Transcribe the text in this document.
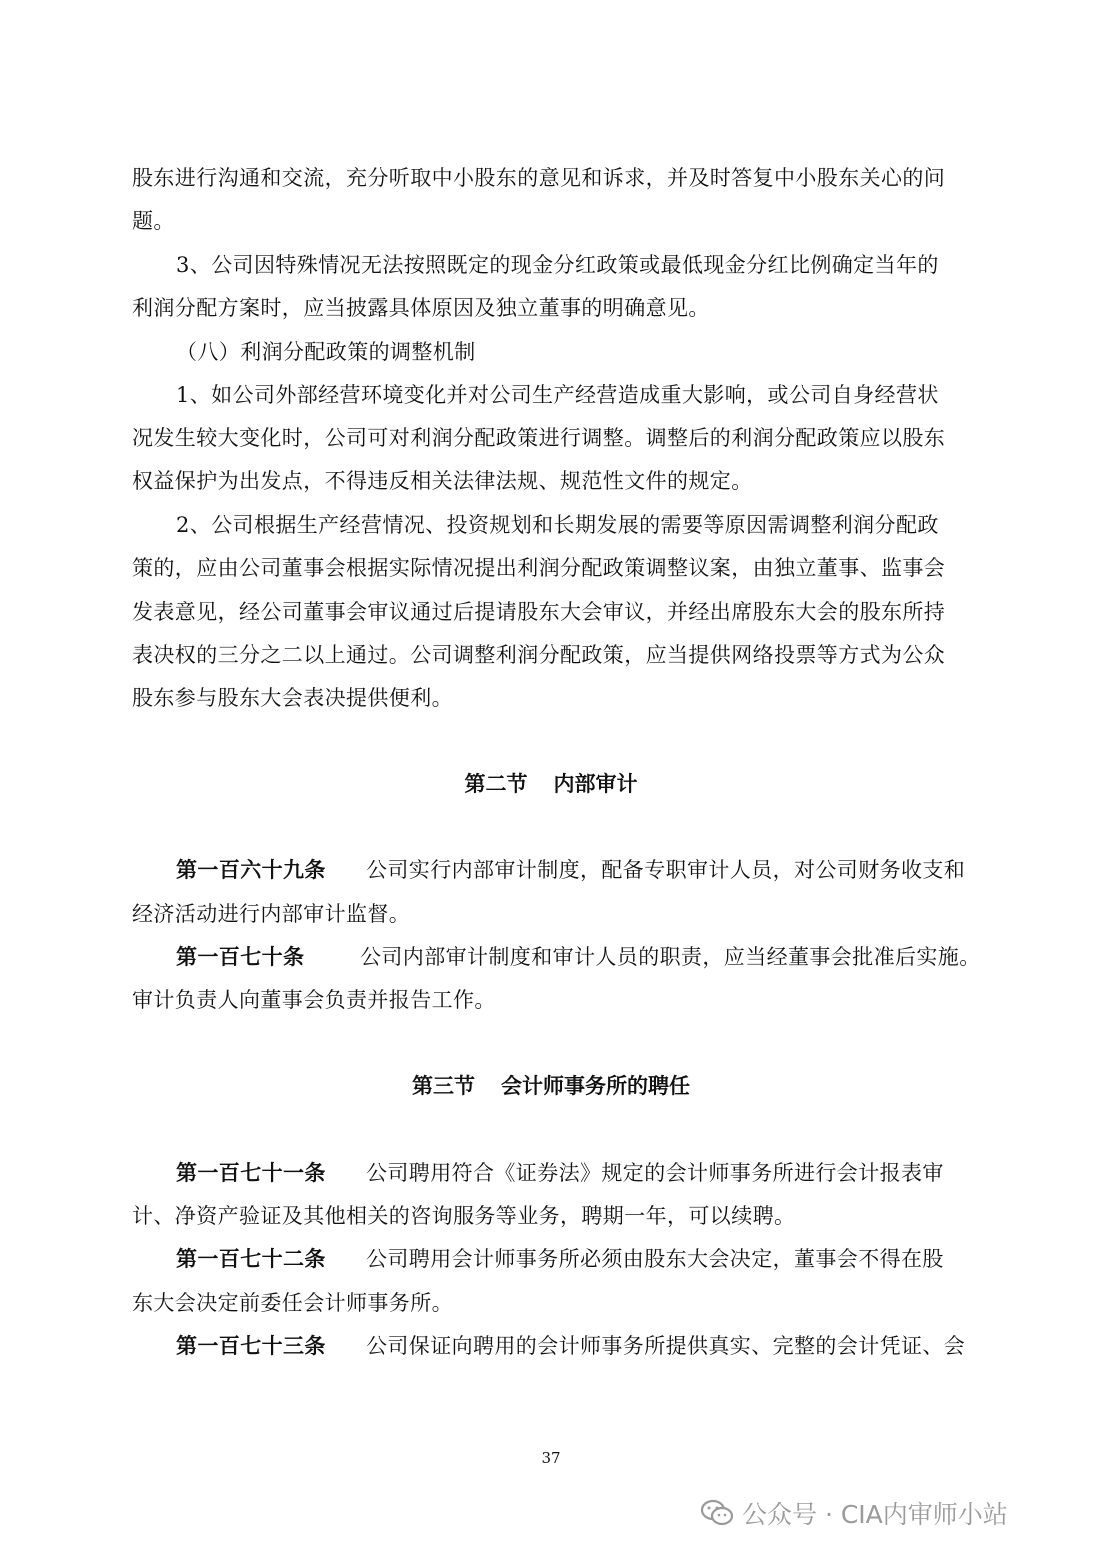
股东进行沟通和交流，充分听取中小股东的意见和诉求，并及时答复中小股东关心的问
题。
3、公司因特殊情况无法按照既定的现金分红政策或最低现金分红比例确定当年的
利润分配方案时，应当披露具体原因及独立董事的明确意见。
（八）利润分配政策的调整机制
1、如公司外部经营环境变化并对公司生产经营造成重大影响，或公司自身经营状
况发生较大变化时，公司可对利润分配政策进行调整。调整后的利润分配政策应以股东
权益保护为出发点，不得违反相关法律法规、规范性文件的规定。
2、公司根据生产经营情况、投资规划和长期发展的需要等原因需调整利润分配政
策的，应由公司董事会根据实际情况提出利润分配政策调整议案，由独立董事、监事会
发表意见，经公司董事会审议通过后提请股东大会审议，并经出席股东大会的股东所持
表决权的三分之二以上通过。公司调整利润分配政策，应当提供网络投票等方式为公众
股东参与股东大会表决提供便利。
第二节 内部审计
第一百六十九条 公司实行内部审计制度，配备专职审计人员，对公司财务收支和
经济活动进行内部审计监督。
第一百七十条	公司内部审计制度和审计人员的职责，应当经董事会批准后实施。
审计负责人向董事会负责并报告工作。
第三节 会计师事务所的聘任
第一百七十一条 公司聘用符合《证券法》规定的会计师事务所进行会计报表审
计、净资产验证及其他相关的咨询服务等业务，聘期一年，可以续聘。
第一百七十二条 公司聘用会计师事务所必须由股东大会决定，董事会不得在股
东大会决定前委任会计师事务所。
第一百七十三条 公司保证向聘用的会计师事务所提供真实、完整的会计凭证、会
37
公众号 · CIA内审师小站
